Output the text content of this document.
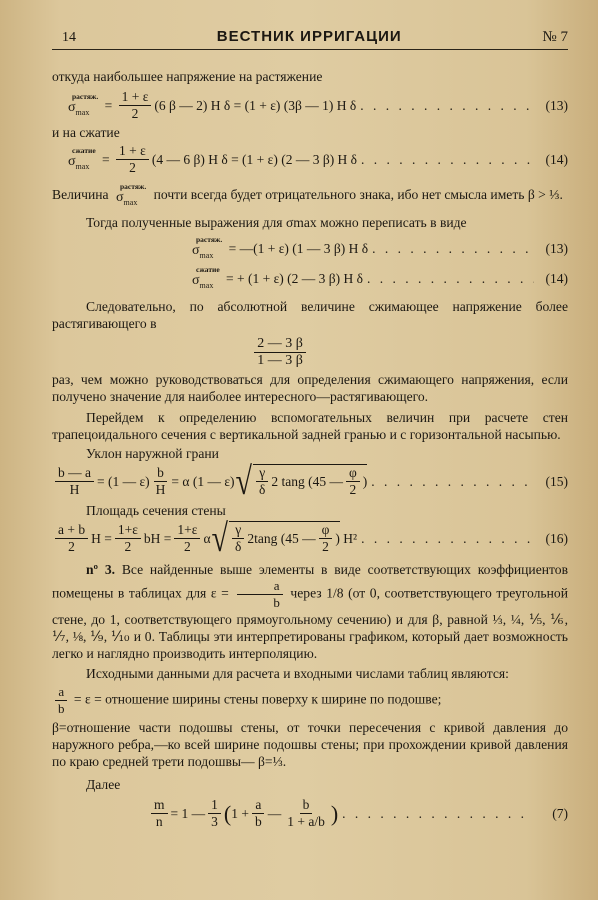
14	ВЕСТНИК ИРРИГАЦИИ	№ 7

откуда наибольшее напряжение на растяжение

растяж.
$\sigma_{max} = \frac{1 + \varepsilon}{2} (6$ β — 2) H δ = (1 + ε) (3β — 1) H δ . . .	(13)

и на сжатие

сжатие
$\sigma_{max} = \frac{1 + \varepsilon}{2} (4$ — 6 β) H δ = (1 + ε) (2 — 3 β) H δ . . .	(14)

Величина
растяж.
$\sigma_{max}$
почти всегда будет отрицательного знака, ибо нет смысла иметь β > ⅓.

Тогда полученные выражения для σmax можно переписать в виде

растяж.
$\sigma_{max}$ = —(1 + ε) (1 — 3 β) H δ . . .	(13)
сжатие
$\sigma_{max}$ = + (1 + ε) (2 — 3 β) H δ . . .	(14)

Следовательно, по абсолютной величине сжимающее напряжение более растягивающего в

$\frac{2 — 3 \beta}{1 — 3 \beta}$

раз, чем можно руководствоваться для определения сжимающего напряжения, если получено значение для наиболее интересного—растягивающего.

Перейдем к определению вспомогательных величин при расчете стен трапецоидального сечения с вертикальной задней гранью и с горизонтальной насыпью.

Уклон наружной грани

$\frac{b — a}{H} = (1$ — $\varepsilon) \frac{b}{H} = \alpha$ (1 — ε) √ $\frac{\gamma}{\delta} 2$ tang (45 — $\frac{\varphi}{2}$ ) . . .	(15)

Площадь сечения стены

$\frac{a + b}{2}$ $H = \frac{1+\varepsilon}{2}$ bH = $\frac{1+\varepsilon}{2}$ α √ $\frac{\gamma}{\delta} 2\tan g$ (45 — $\frac{\varphi}{2}$ ) H² . . .	(16)

nº 3. Все найденные выше элементы в виде соответствующих коэффициентов помещены в таблицах для $\varepsilon = \frac{a}{b}$ через 1/8 (от 0, соответствующего треугольной стене, до 1, соответствующего прямоугольному сечению) и для β, равной ⅓, ¼, ⅕, ⅙, ⅐, ⅛, ⅑, ⅒ и 0. Таблицы эти интерпретированы графиком, который дает возможность легко и наглядно производить интерполяцию.

Исходными данными для расчета и входными числами таблиц являются:

$\frac{a}{b} = \varepsilon$ = отношение ширины стены поверху к ширине по подошве;

β=отношение части подошвы стены, от точки пересечения с кривой давления до наружного ребра,—ко всей ширине подошвы стены; при прохождении кривой давления по краю средней трети подошвы— β=⅓.

Далее

$\frac{m}{n} = 1$ — $\frac{1}{3}$ ( $1 + \frac{a}{b}$ — $\frac{b}{1 + a/b}$ ) . . .	(7)
